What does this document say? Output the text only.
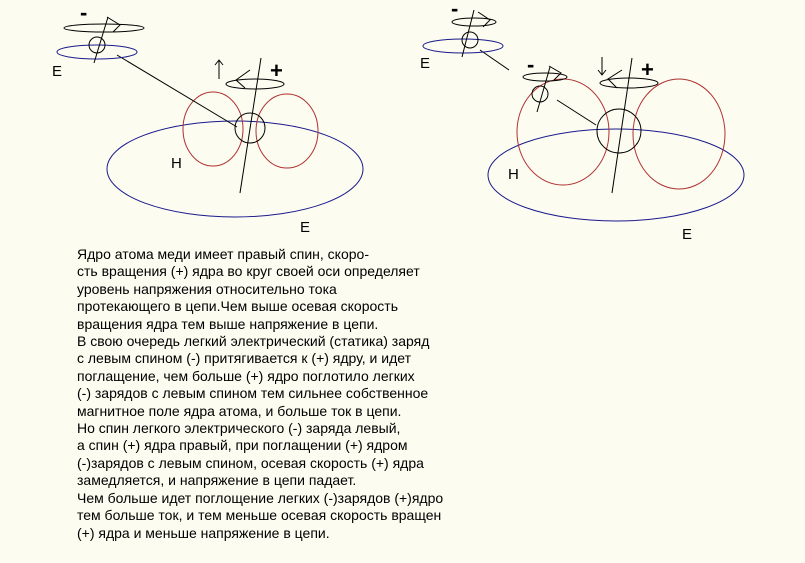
-
E	+
H
E
-
E	-	+
H
E
Ядро атома меди имеет правый спин, скоро-
сть вращения (+) ядра во круг своей оси определяет
уровень напряжения относительно тока
протекающего в цепи.Чем выше осевая скорость
вращения ядра тем выше напряжение в цепи.
В свою очередь легкий электрический (статика) заряд
с левым спином (-) притягивается к (+) ядру, и идет
поглащение, чем больше (+) ядро поглотило легких
(-) зарядов с левым спином тем сильнее собственное
магнитное поле ядра атома, и больше ток в цепи.
Но спин легкого электрического (-) заряда левый,
а спин (+) ядра правый, при поглащении (+) ядром
(-)зарядов с левым спином, осевая скорость (+) ядра
замедляется, и напряжение в цепи падает.
Чем больше идет поглощение легких (-)зарядов (+)ядро
тем больше ток, и тем меньше осевая скорость вращен
(+) ядра и меньше напряжение в цепи.
